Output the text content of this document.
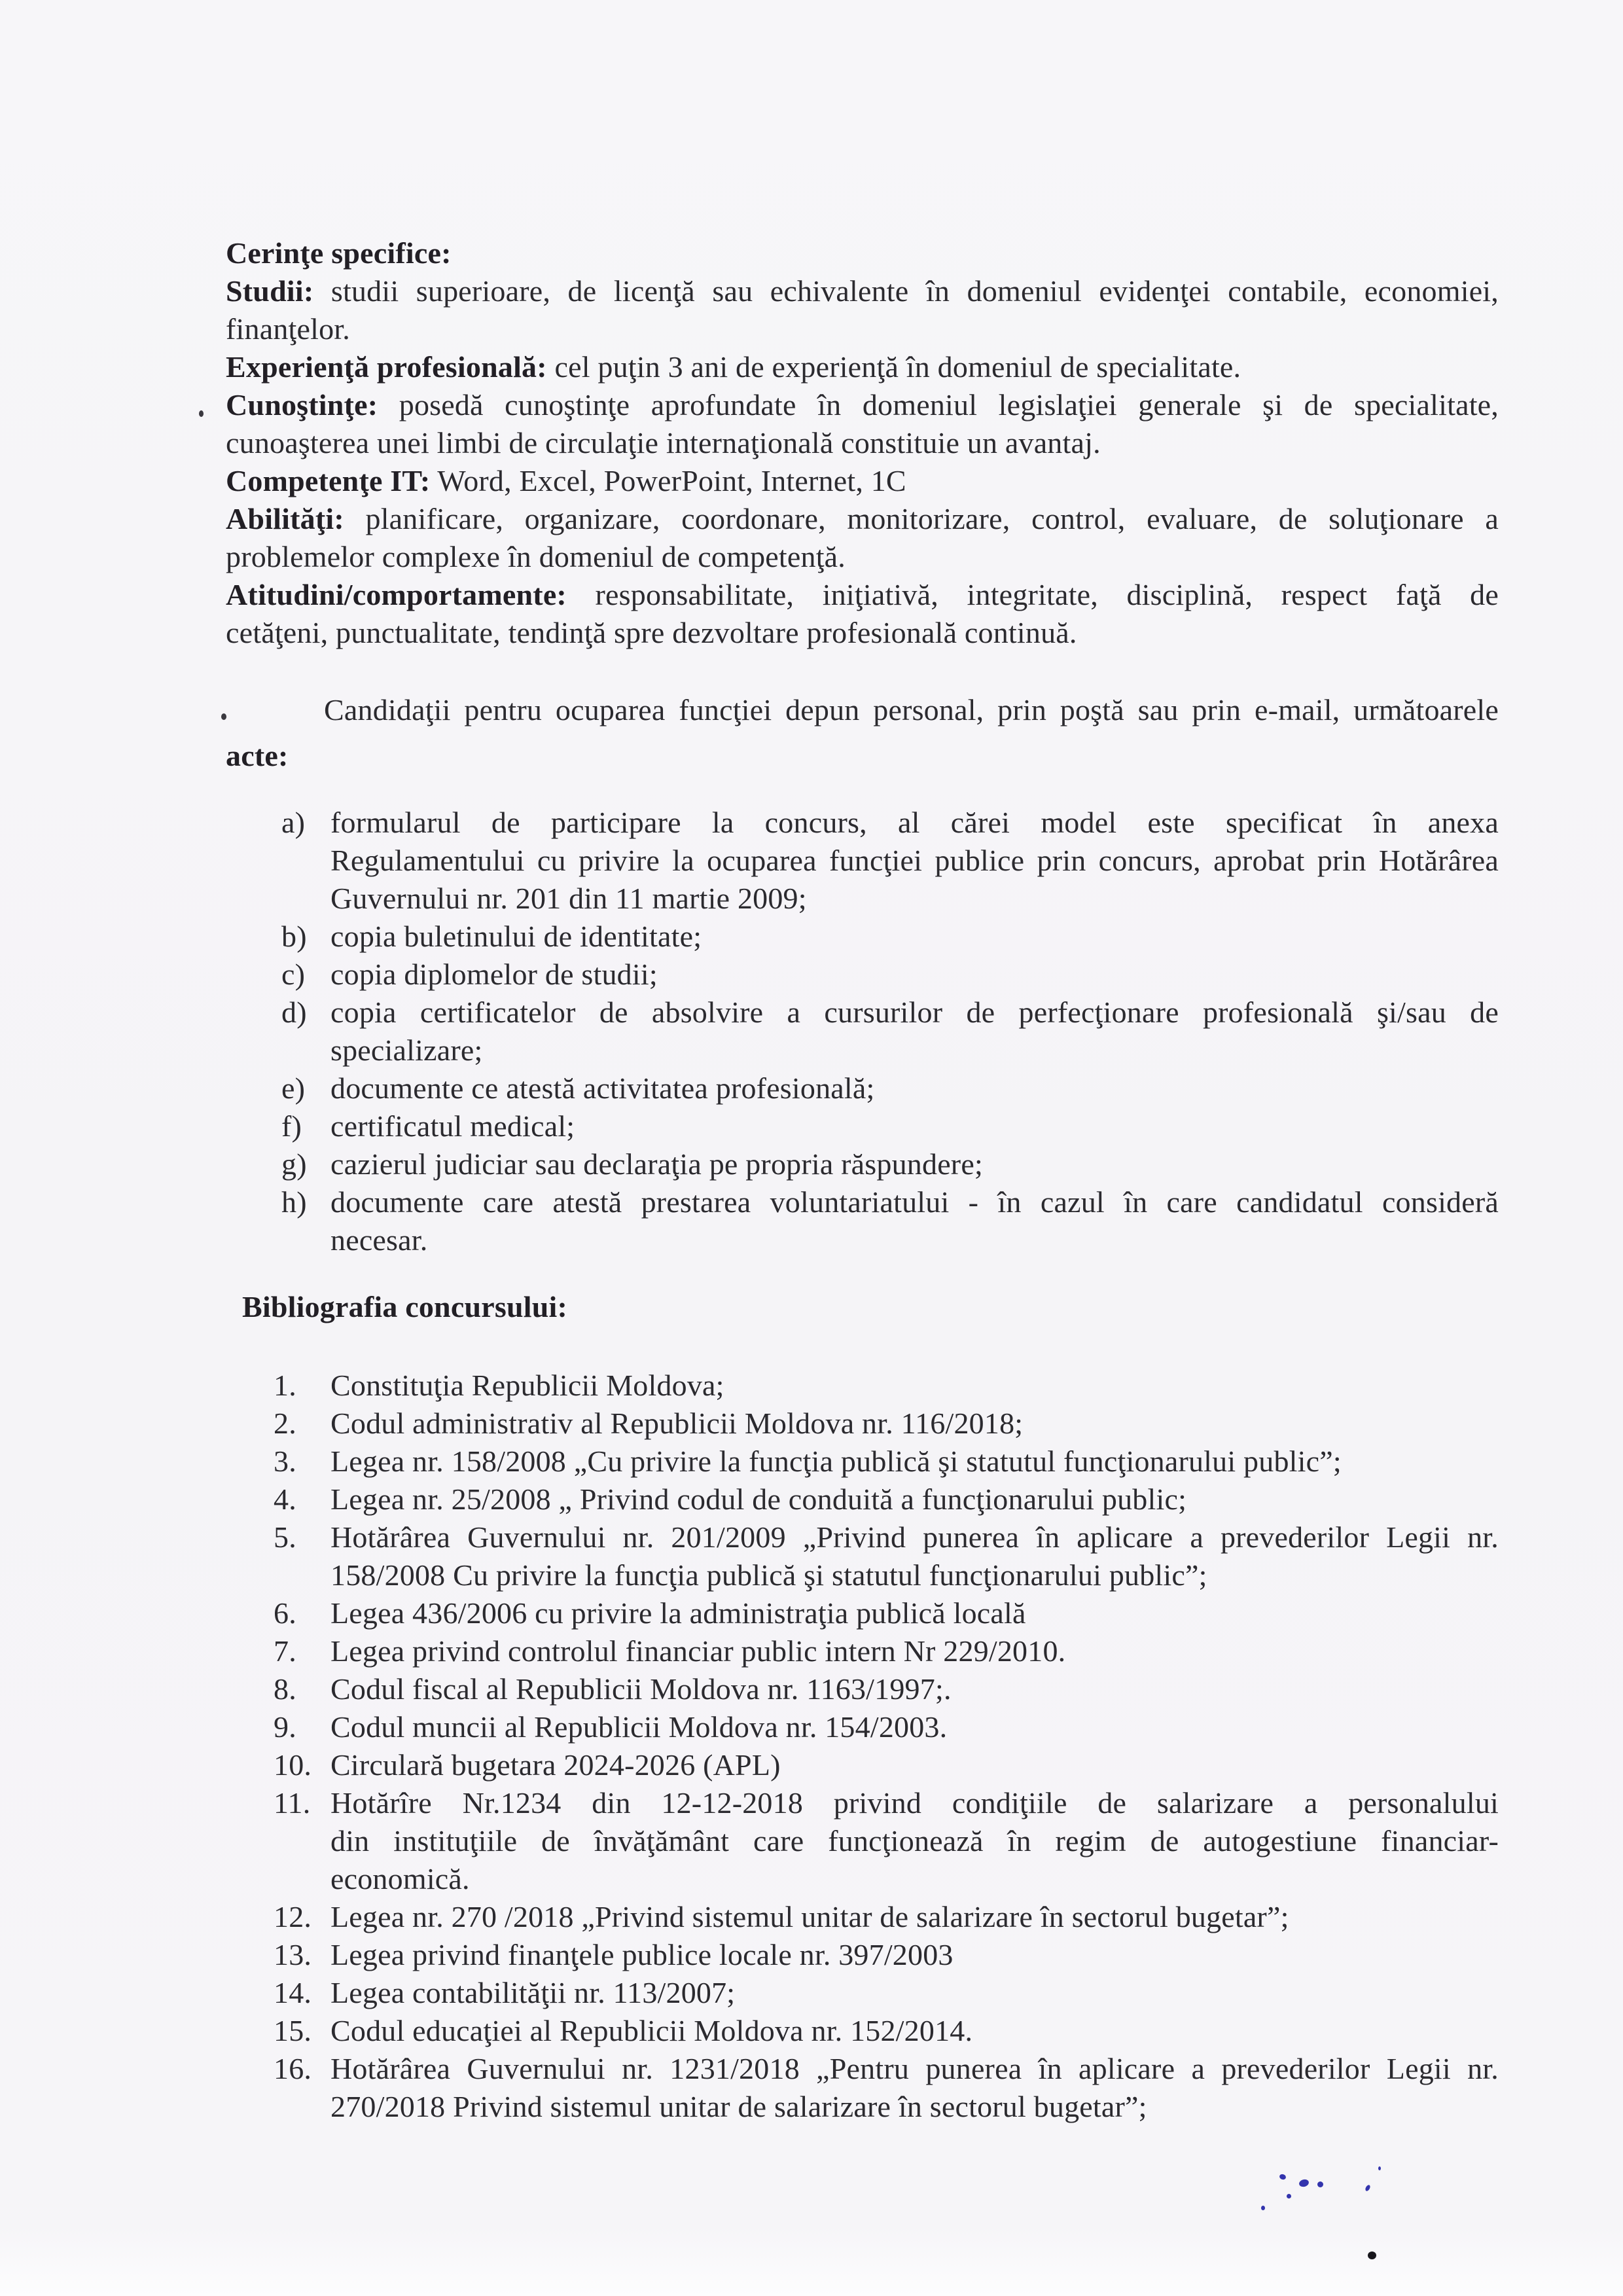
Cerinţe specifice:
Studii: studii superioare, de licenţă sau echivalente în domeniul evidenţei contabile, economiei,
finanţelor.
Experienţă profesională: cel puţin 3 ani de experienţă în domeniul de specialitate.
Cunoştinţe: posedă cunoştinţe aprofundate în domeniul legislaţiei generale şi de specialitate,
cunoaşterea unei limbi de circulaţie internaţională constituie un avantaj.
Competenţe IT: Word, Excel, PowerPoint, Internet, 1C
Abilităţi: planificare, organizare, coordonare, monitorizare, control, evaluare, de soluţionare a
problemelor complexe în domeniul de competenţă.
Atitudini/comportamente: responsabilitate, iniţiativă, integritate, disciplină, respect faţă de
cetăţeni, punctualitate, tendinţă spre dezvoltare profesională continuă.
Candidaţii pentru ocuparea funcţiei depun personal, prin poştă sau prin e-mail, următoarele
acte:
a) formularul de participare la concurs, al cărei model este specificat în anexa
Regulamentului cu privire la ocuparea funcţiei publice prin concurs, aprobat prin Hotărârea
Guvernului nr. 201 din 11 martie 2009;
b) copia buletinului de identitate;
c) copia diplomelor de studii;
d) copia certificatelor de absolvire a cursurilor de perfecţionare profesională şi/sau de
specializare;
e) documente ce atestă activitatea profesională;
f) certificatul medical;
g) cazierul judiciar sau declaraţia pe propria răspundere;
h) documente care atestă prestarea voluntariatului - în cazul în care candidatul consideră
necesar.
Bibliografia concursului:
1. Constituţia Republicii Moldova;
2. Codul administrativ al Republicii Moldova nr. 116/2018;
3. Legea nr. 158/2008 „Cu privire la funcţia publică şi statutul funcţionarului public”;
4. Legea nr. 25/2008 „ Privind codul de conduită a funcţionarului public;
5. Hotărârea Guvernului nr. 201/2009 „Privind punerea în aplicare a prevederilor Legii nr.
158/2008 Cu privire la funcţia publică şi statutul funcţionarului public”;
6. Legea 436/2006 cu privire la administraţia publică locală
7. Legea privind controlul financiar public intern Nr 229/2010.
8. Codul fiscal al Republicii Moldova nr. 1163/1997;.
9. Codul muncii al Republicii Moldova nr. 154/2003.
10. Circulară bugetara 2024-2026 (APL)
11. Hotărîre Nr.1234 din 12-12-2018 privind condiţiile de salarizare a personalului
din instituţiile de învăţământ care funcţionează în regim de autogestiune financiar-
economică.
12. Legea nr. 270 /2018 „Privind sistemul unitar de salarizare în sectorul bugetar”;
13. Legea privind finanţele publice locale nr. 397/2003
14. Legea contabilităţii nr. 113/2007;
15. Codul educaţiei al Republicii Moldova nr. 152/2014.
16. Hotărârea Guvernului nr. 1231/2018 „Pentru punerea în aplicare a prevederilor Legii nr.
270/2018 Privind sistemul unitar de salarizare în sectorul bugetar”;
